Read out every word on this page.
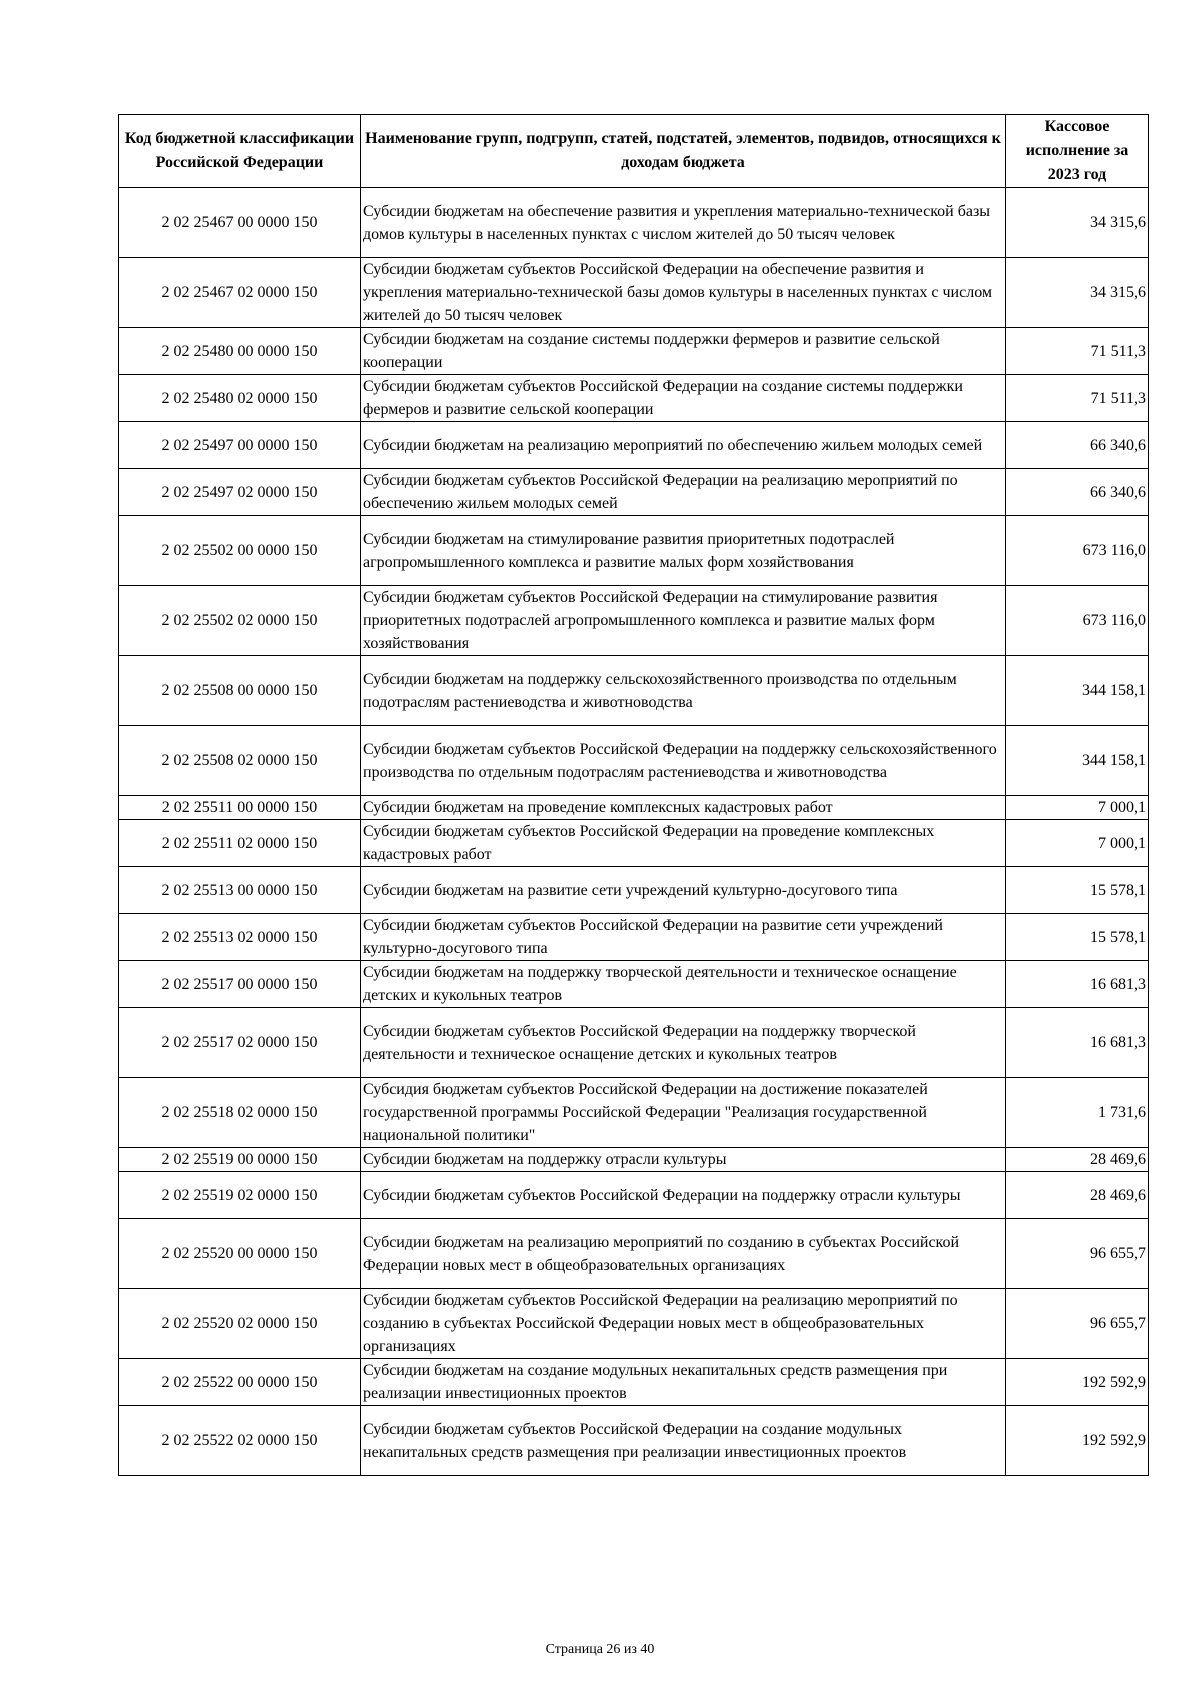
Код бюджетной классификации Российской Федерации	Наименование групп, подгрупп, статей, подстатей, элементов, подвидов, относящихся к доходам бюджета	Кассовое исполнение за 2023 год
2 02 25467 00 0000 150	Субсидии бюджетам на обеспечение развития и укрепления материально-технической базы домов культуры в населенных пунктах с числом жителей до 50 тысяч человек	34 315,6
2 02 25467 02 0000 150	Субсидии бюджетам субъектов Российской Федерации на обеспечение развития и укрепления материально-технической базы домов культуры в населенных пунктах с числом жителей до 50 тысяч человек	34 315,6
2 02 25480 00 0000 150	Субсидии бюджетам на создание системы поддержки фермеров и развитие сельской кооперации	71 511,3
2 02 25480 02 0000 150	Субсидии бюджетам субъектов Российской Федерации на создание системы поддержки фермеров и развитие сельской кооперации	71 511,3
2 02 25497 00 0000 150	Субсидии бюджетам на реализацию мероприятий по обеспечению жильем молодых семей	66 340,6
2 02 25497 02 0000 150	Субсидии бюджетам субъектов Российской Федерации на реализацию мероприятий по обеспечению жильем молодых семей	66 340,6
2 02 25502 00 0000 150	Субсидии бюджетам на стимулирование развития приоритетных подотраслей агропромышленного комплекса и развитие малых форм хозяйствования	673 116,0
2 02 25502 02 0000 150	Субсидии бюджетам субъектов Российской Федерации на стимулирование развития приоритетных подотраслей агропромышленного комплекса и развитие малых форм хозяйствования	673 116,0
2 02 25508 00 0000 150	Субсидии бюджетам на поддержку сельскохозяйственного производства по отдельным подотраслям растениеводства и животноводства	344 158,1
2 02 25508 02 0000 150	Субсидии бюджетам субъектов Российской Федерации на поддержку сельскохозяйственного производства по отдельным подотраслям растениеводства и животноводства	344 158,1
2 02 25511 00 0000 150	Субсидии бюджетам на проведение комплексных кадастровых работ	7 000,1
2 02 25511 02 0000 150	Субсидии бюджетам субъектов Российской Федерации на проведение комплексных кадастровых работ	7 000,1
2 02 25513 00 0000 150	Субсидии бюджетам на развитие сети учреждений культурно-досугового типа	15 578,1
2 02 25513 02 0000 150	Субсидии бюджетам субъектов Российской Федерации на развитие сети учреждений культурно-досугового типа	15 578,1
2 02 25517 00 0000 150	Субсидии бюджетам на поддержку творческой деятельности и техническое оснащение детских и кукольных театров	16 681,3
2 02 25517 02 0000 150	Субсидии бюджетам субъектов Российской Федерации на поддержку творческой деятельности и техническое оснащение детских и кукольных театров	16 681,3
2 02 25518 02 0000 150	Субсидия бюджетам субъектов Российской Федерации на достижение показателей государственной программы Российской Федерации "Реализация государственной национальной политики"	1 731,6
2 02 25519 00 0000 150	Субсидии бюджетам на поддержку отрасли культуры	28 469,6
2 02 25519 02 0000 150	Субсидии бюджетам субъектов Российской Федерации на поддержку отрасли культуры	28 469,6
2 02 25520 00 0000 150	Субсидии бюджетам на реализацию мероприятий по созданию в субъектах Российской Федерации новых мест в общеобразовательных организациях	96 655,7
2 02 25520 02 0000 150	Субсидии бюджетам субъектов Российской Федерации на реализацию мероприятий по созданию в субъектах Российской Федерации новых мест в общеобразовательных организациях	96 655,7
2 02 25522 00 0000 150	Субсидии бюджетам на создание модульных некапитальных средств размещения при реализации инвестиционных проектов	192 592,9
2 02 25522 02 0000 150	Субсидии бюджетам субъектов Российской Федерации на создание модульных некапитальных средств размещения при реализации инвестиционных проектов	192 592,9
Страница 26 из 40
